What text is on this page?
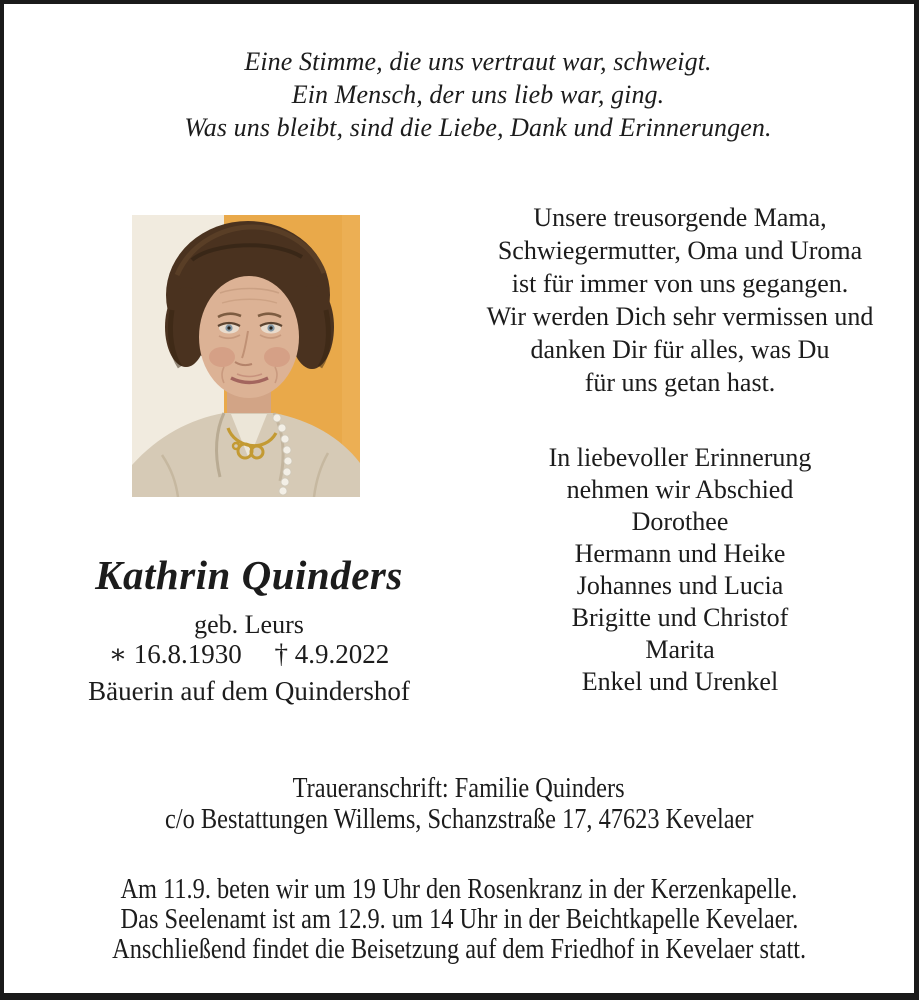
Eine Stimme, die uns vertraut war, schweigt.
Ein Mensch, der uns lieb war, ging.
Was uns bleibt, sind die Liebe, Dank und Erinnerungen.
Unsere treusorgende Mama,
Schwiegermutter, Oma und Uroma
ist für immer von uns gegangen.
Wir werden Dich sehr vermissen und
danken Dir für alles, was Du
für uns getan hast.
In liebevoller Erinnerung
nehmen wir Abschied
Dorothee
Hermann und Heike
Johannes und Lucia
Brigitte und Christof
Marita
Enkel und Urenkel
Kathrin Quinders
geb. Leurs
∗ 16.8.1930 † 4.9.2022
Bäuerin auf dem Quindershof
Traueranschrift: Familie Quinders
c/o Bestattungen Willems, Schanzstraße 17, 47623 Kevelaer
Am 11.9. beten wir um 19 Uhr den Rosenkranz in der Kerzenkapelle.
Das Seelenamt ist am 12.9. um 14 Uhr in der Beichtkapelle Kevelaer.
Anschließend findet die Beisetzung auf dem Friedhof in Kevelaer statt.
